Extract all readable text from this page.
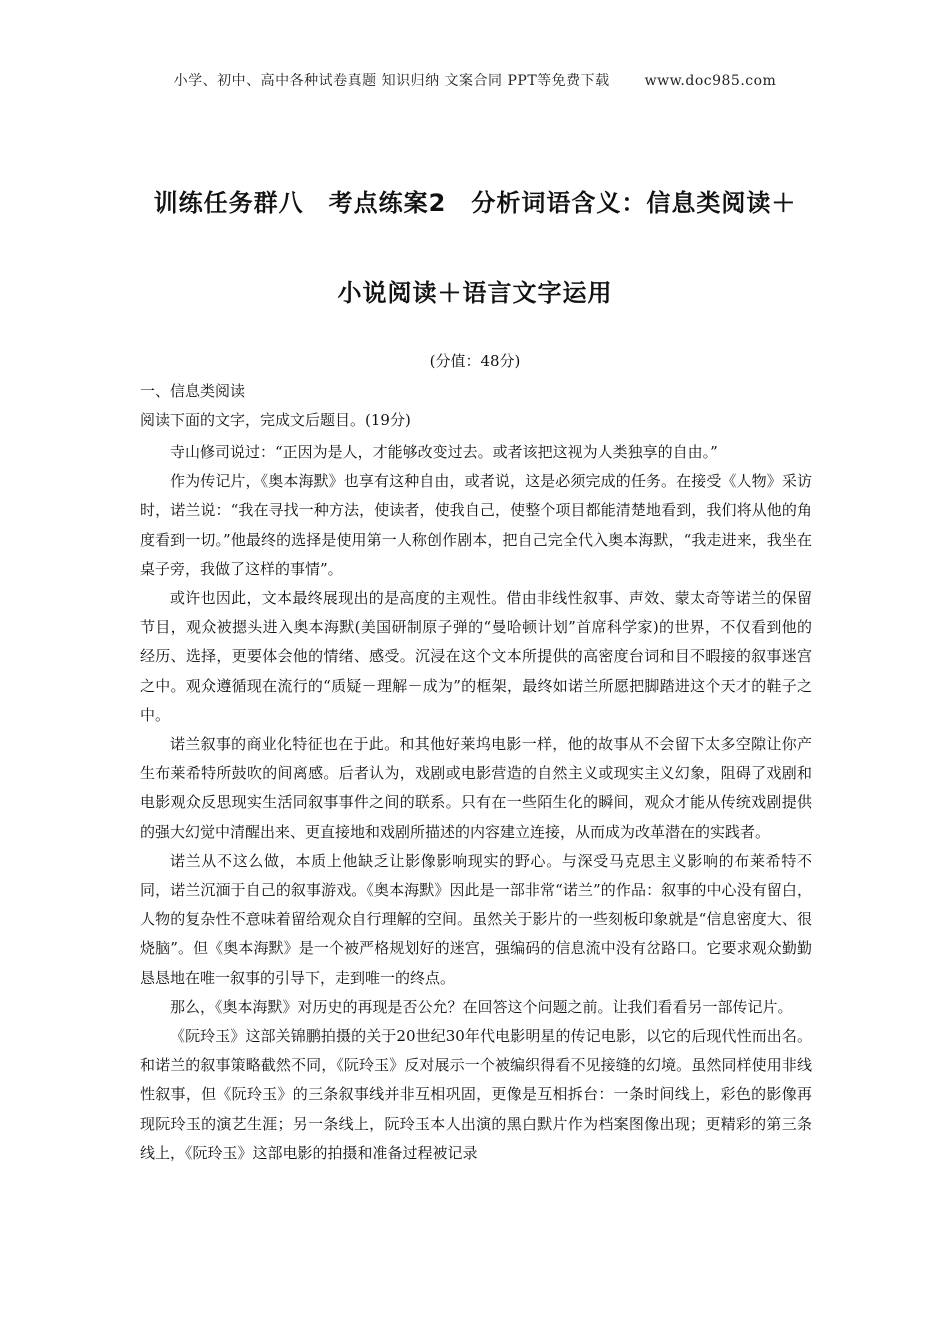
小学、初中、高中各种试卷真题 知识归纳 文案合同 PPT等免费下载 www.doc985.com
训练任务群八　考点练案2　分析词语含义：信息类阅读＋
小说阅读＋语言文字运用
(分值：48分)
一、信息类阅读
阅读下面的文字，完成文后题目。(19分)

寺山修司说过：“正因为是人，才能够改变过去。或者该把这视为人类独享的自由。”

作为传记片，《奥本海默》也享有这种自由，或者说，这是必须完成的任务。在接受《人物》采访时，诺兰说：“我在寻找一种方法，使读者，使我自己，使整个项目都能清楚地看到，我们将从他的角度看到一切。”他最终的选择是使用第一人称创作剧本，把自己完全代入奥本海默，“我走进来，我坐在桌子旁，我做了这样的事情”。

或许也因此，文本最终展现出的是高度的主观性。借由非线性叙事、声效、蒙太奇等诺兰的保留节目，观众被摁头进入奥本海默(美国研制原子弹的“曼哈顿计划”首席科学家)的世界，不仅看到他的经历、选择，更要体会他的情绪、感受。沉浸在这个文本所提供的高密度台词和目不暇接的叙事迷宫之中。观众遵循现在流行的“质疑－理解－成为”的框架，最终如诺兰所愿把脚踏进这个天才的鞋子之中。

诺兰叙事的商业化特征也在于此。和其他好莱坞电影一样，他的故事从不会留下太多空隙让你产生布莱希特所鼓吹的间离感。后者认为，戏剧或电影营造的自然主义或现实主义幻象，阻碍了戏剧和电影观众反思现实生活同叙事事件之间的联系。只有在一些陌生化的瞬间，观众才能从传统戏剧提供的强大幻觉中清醒出来、更直接地和戏剧所描述的内容建立连接，从而成为改革潜在的实践者。

诺兰从不这么做，本质上他缺乏让影像影响现实的野心。与深受马克思主义影响的布莱希特不同，诺兰沉湎于自己的叙事游戏。《奥本海默》因此是一部非常“诺兰”的作品：叙事的中心没有留白，人物的复杂性不意味着留给观众自行理解的空间。虽然关于影片的一些刻板印象就是“信息密度大、很烧脑”。但《奥本海默》是一个被严格规划好的迷宫，强编码的信息流中没有岔路口。它要求观众勤勤恳恳地在唯一叙事的引导下，走到唯一的终点。

那么，《奥本海默》对历史的再现是否公允？在回答这个问题之前。让我们看看另一部传记片。

《阮玲玉》这部关锦鹏拍摄的关于20世纪30年代电影明星的传记电影，以它的后现代性而出名。和诺兰的叙事策略截然不同，《阮玲玉》反对展示一个被编织得看不见接缝的幻境。虽然同样使用非线性叙事，但《阮玲玉》的三条叙事线并非互相巩固，更像是互相拆台：一条时间线上，彩色的影像再现阮玲玉的演艺生涯；另一条线上，阮玲玉本人出演的黑白默片作为档案图像出现；更精彩的第三条线上，《阮玲玉》这部电影的拍摄和准备过程被记录
